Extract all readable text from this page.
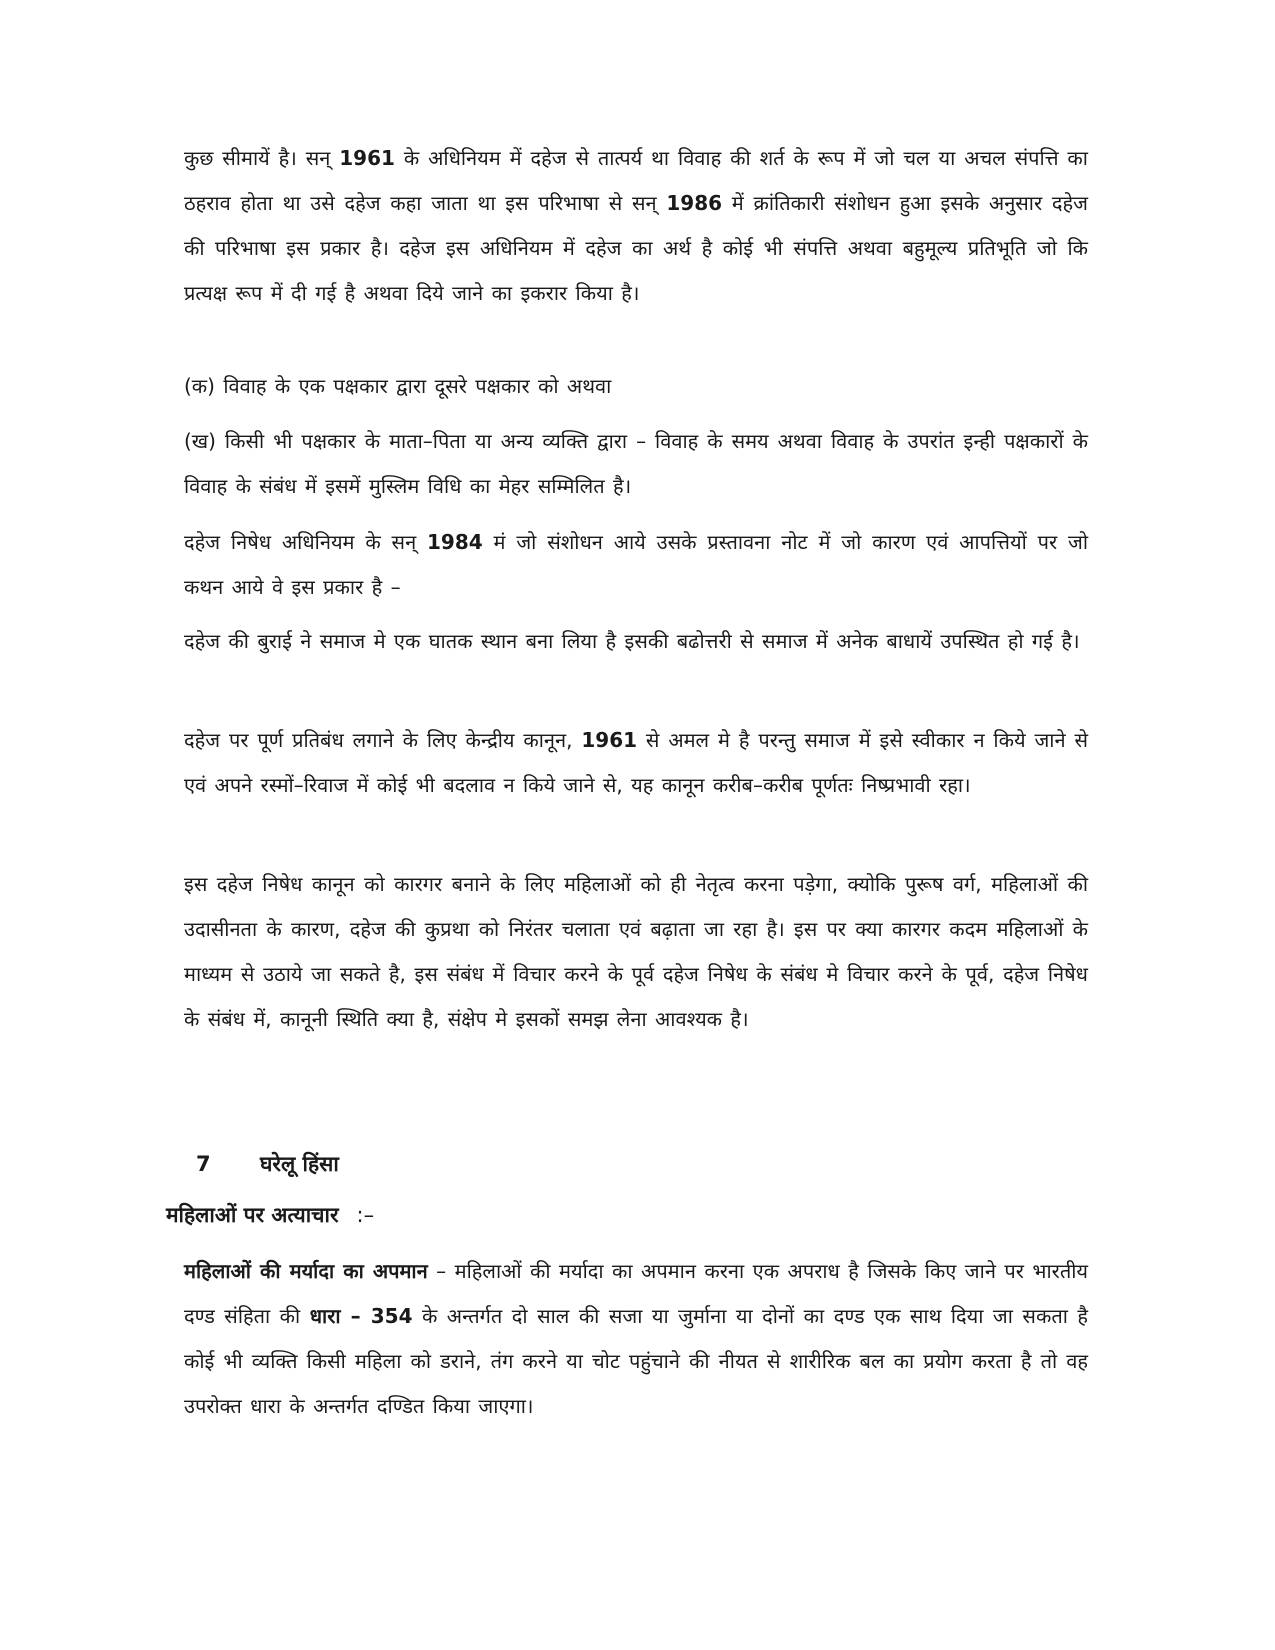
कुछ सीमायें है। सन् 1961 के अधिनियम में दहेज से तात्पर्य था विवाह की शर्त के रूप में जो चल या अचल संपत्ति का ठहराव होता था उसे दहेज कहा जाता था इस परिभाषा से सन् 1986 में क्रांतिकारी संशोधन हुआ इसके अनुसार दहेज की परिभाषा इस प्रकार है। दहेज इस अधिनियम में दहेज का अर्थ है कोई भी संपत्ति अथवा बहुमूल्य प्रतिभूति जो कि प्रत्यक्ष रूप में दी गई है अथवा दिये जाने का इकरार किया है।

(क) विवाह के एक पक्षकार द्वारा दूसरे पक्षकार को अथवा

(ख) किसी भी पक्षकार के माता–पिता या अन्य व्यक्ति द्वारा – विवाह के समय अथवा विवाह के उपरांत इन्ही पक्षकारों के विवाह के संबंध में इसमें मुस्लिम विधि का मेहर सम्मिलित है।

दहेज निषेध अधिनियम के सन् 1984 मं जो संशोधन आये उसके प्रस्तावना नोट में जो कारण एवं आपत्तियों पर जो कथन आये वे इस प्रकार है –

दहेज की बुराई ने समाज मे एक घातक स्थान बना लिया है इसकी बढोत्तरी से समाज में अनेक बाधायें उपस्थित हो गई है।

दहेज पर पूर्ण प्रतिबंध लगाने के लिए केन्द्रीय कानून, 1961 से अमल मे है परन्तु समाज में इसे स्वीकार न किये जाने से एवं अपने रस्मों–रिवाज में कोई भी बदलाव न किये जाने से, यह कानून करीब–करीब पूर्णतः निष्प्रभावी रहा।

इस दहेज निषेध कानून को कारगर बनाने के लिए महिलाओं को ही नेतृत्व करना पड़ेगा, क्योकि पुरूष वर्ग, महिलाओं की उदासीनता के कारण, दहेज की कुप्रथा को निरंतर चलाता एवं बढ़ाता जा रहा है। इस पर क्या कारगर कदम महिलाओं के माध्यम से उठाये जा सकते है, इस संबंध में विचार करने के पूर्व दहेज निषेध के संबंध मे विचार करने के पूर्व, दहेज निषेध के संबंध में, कानूनी स्थिति क्या है, संक्षेप मे इसकों समझ लेना आवश्यक है।

7 घरेलू हिंसा
महिलाओं पर अत्याचार :–

महिलाओं की मर्यादा का अपमान – महिलाओं की मर्यादा का अपमान करना एक अपराध है जिसके किए जाने पर भारतीय दण्ड संहिता की धारा – 354 के अन्तर्गत दो साल की सजा या जुर्माना या दोनों का दण्ड एक साथ दिया जा सकता है कोई भी व्यक्ति किसी महिला को डराने, तंग करने या चोट पहुंचाने की नीयत से शारीरिक बल का प्रयोग करता है तो वह उपरोक्त धारा के अन्तर्गत दण्डित किया जाएगा।
